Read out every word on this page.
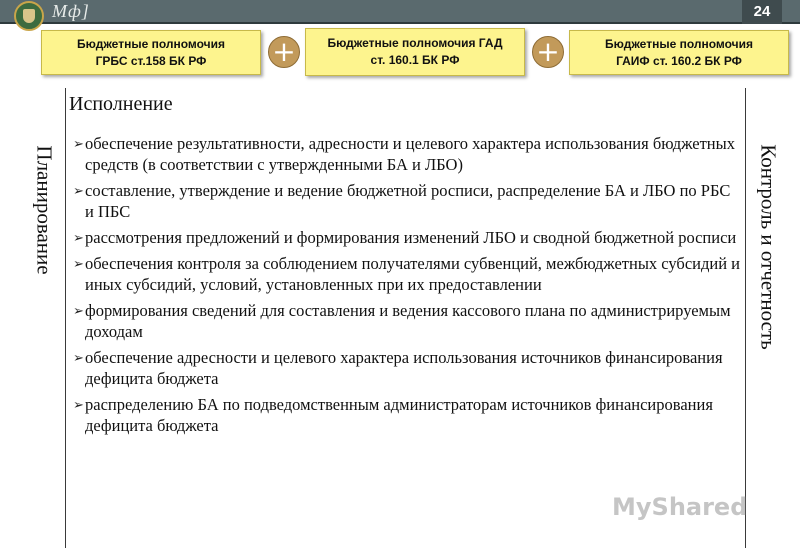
Мф]	24
Бюджетные полномочия
ГРБС ст.158 БК РФ	+	Бюджетные полномочия ГАД
ст. 160.1 БК РФ	+	Бюджетные полномочия
ГАИФ ст. 160.2 БК РФ
Планирование	Контроль и отчетность
Исполнение
➢ обеспечение результативности, адресности и целевого характера использования бюджетных средств (в соответствии с утвержденными БА и ЛБО)
➢ составление, утверждение и ведение бюджетной росписи, распределение БА и ЛБО по РБС и ПБС
➢ рассмотрения предложений и формирования изменений ЛБО и сводной бюджетной росписи
➢ обеспечения контроля за соблюдением получателями субвенций, межбюджетных субсидий и иных субсидий, условий, установленных при их предоставлении
➢ формирования сведений для составления и ведения кассового плана по администрируемым доходам
➢ обеспечение адресности и целевого характера использования источников финансирования дефицита бюджета
➢ распределению БА по подведомственным администраторам источников финансирования дефицита бюджета
MyShared
